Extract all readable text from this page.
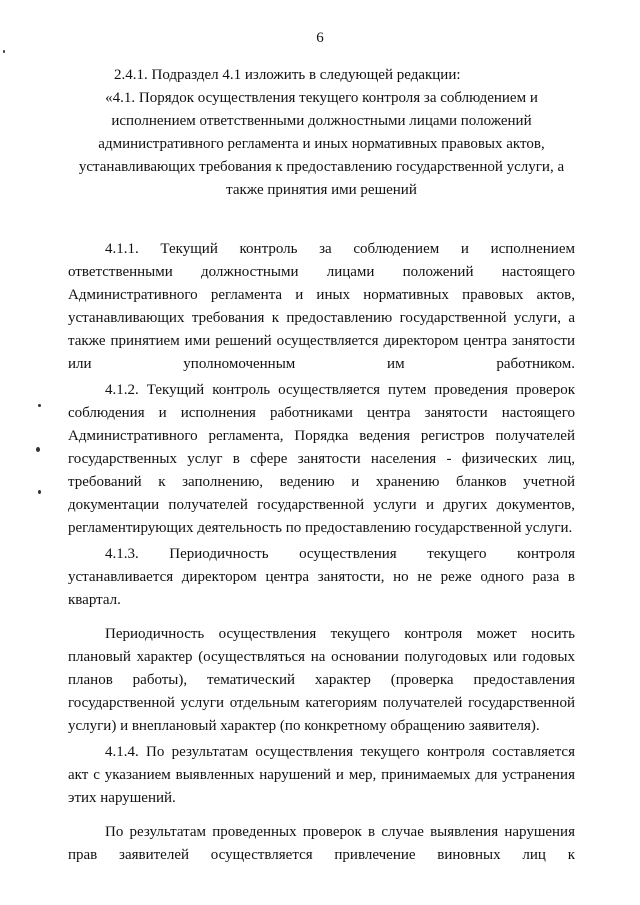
6

2.4.1. Подраздел 4.1 изложить в следующей редакции:

«4.1. Порядок осуществления текущего контроля за соблюдением и исполнением ответственными должностными лицами положений административного регламента и иных нормативных правовых актов, устанавливающих требования к предоставлению государственной услуги, а также принятия ими решений

4.1.1. Текущий контроль за соблюдением и исполнением ответственными должностными лицами положений настоящего Административного регламента и иных нормативных правовых актов, устанавливающих требования к предоставлению государственной услуги, а также принятием ими решений осуществляется директором центра занятости или уполномоченным им работником.

4.1.2. Текущий контроль осуществляется путем проведения проверок соблюдения и исполнения работниками центра занятости настоящего Административного регламента, Порядка ведения регистров получателей государственных услуг в сфере занятости населения - физических лиц, требований к заполнению, ведению и хранению бланков учетной документации получателей государственной услуги и других документов, регламентирующих деятельность по предоставлению государственной услуги.

4.1.3. Периодичность осуществления текущего контроля устанавливается директором центра занятости, но не реже одного раза в квартал.

Периодичность осуществления текущего контроля может носить плановый характер (осуществляться на основании полугодовых или годовых планов работы), тематический характер (проверка предоставления государственной услуги отдельным категориям получателей государственной услуги) и внеплановый характер (по конкретному обращению заявителя).

4.1.4. По результатам осуществления текущего контроля составляется акт с указанием выявленных нарушений и мер, принимаемых для устранения этих нарушений.

По результатам проведенных проверок в случае выявления нарушения прав заявителей осуществляется привлечение виновных лиц к
